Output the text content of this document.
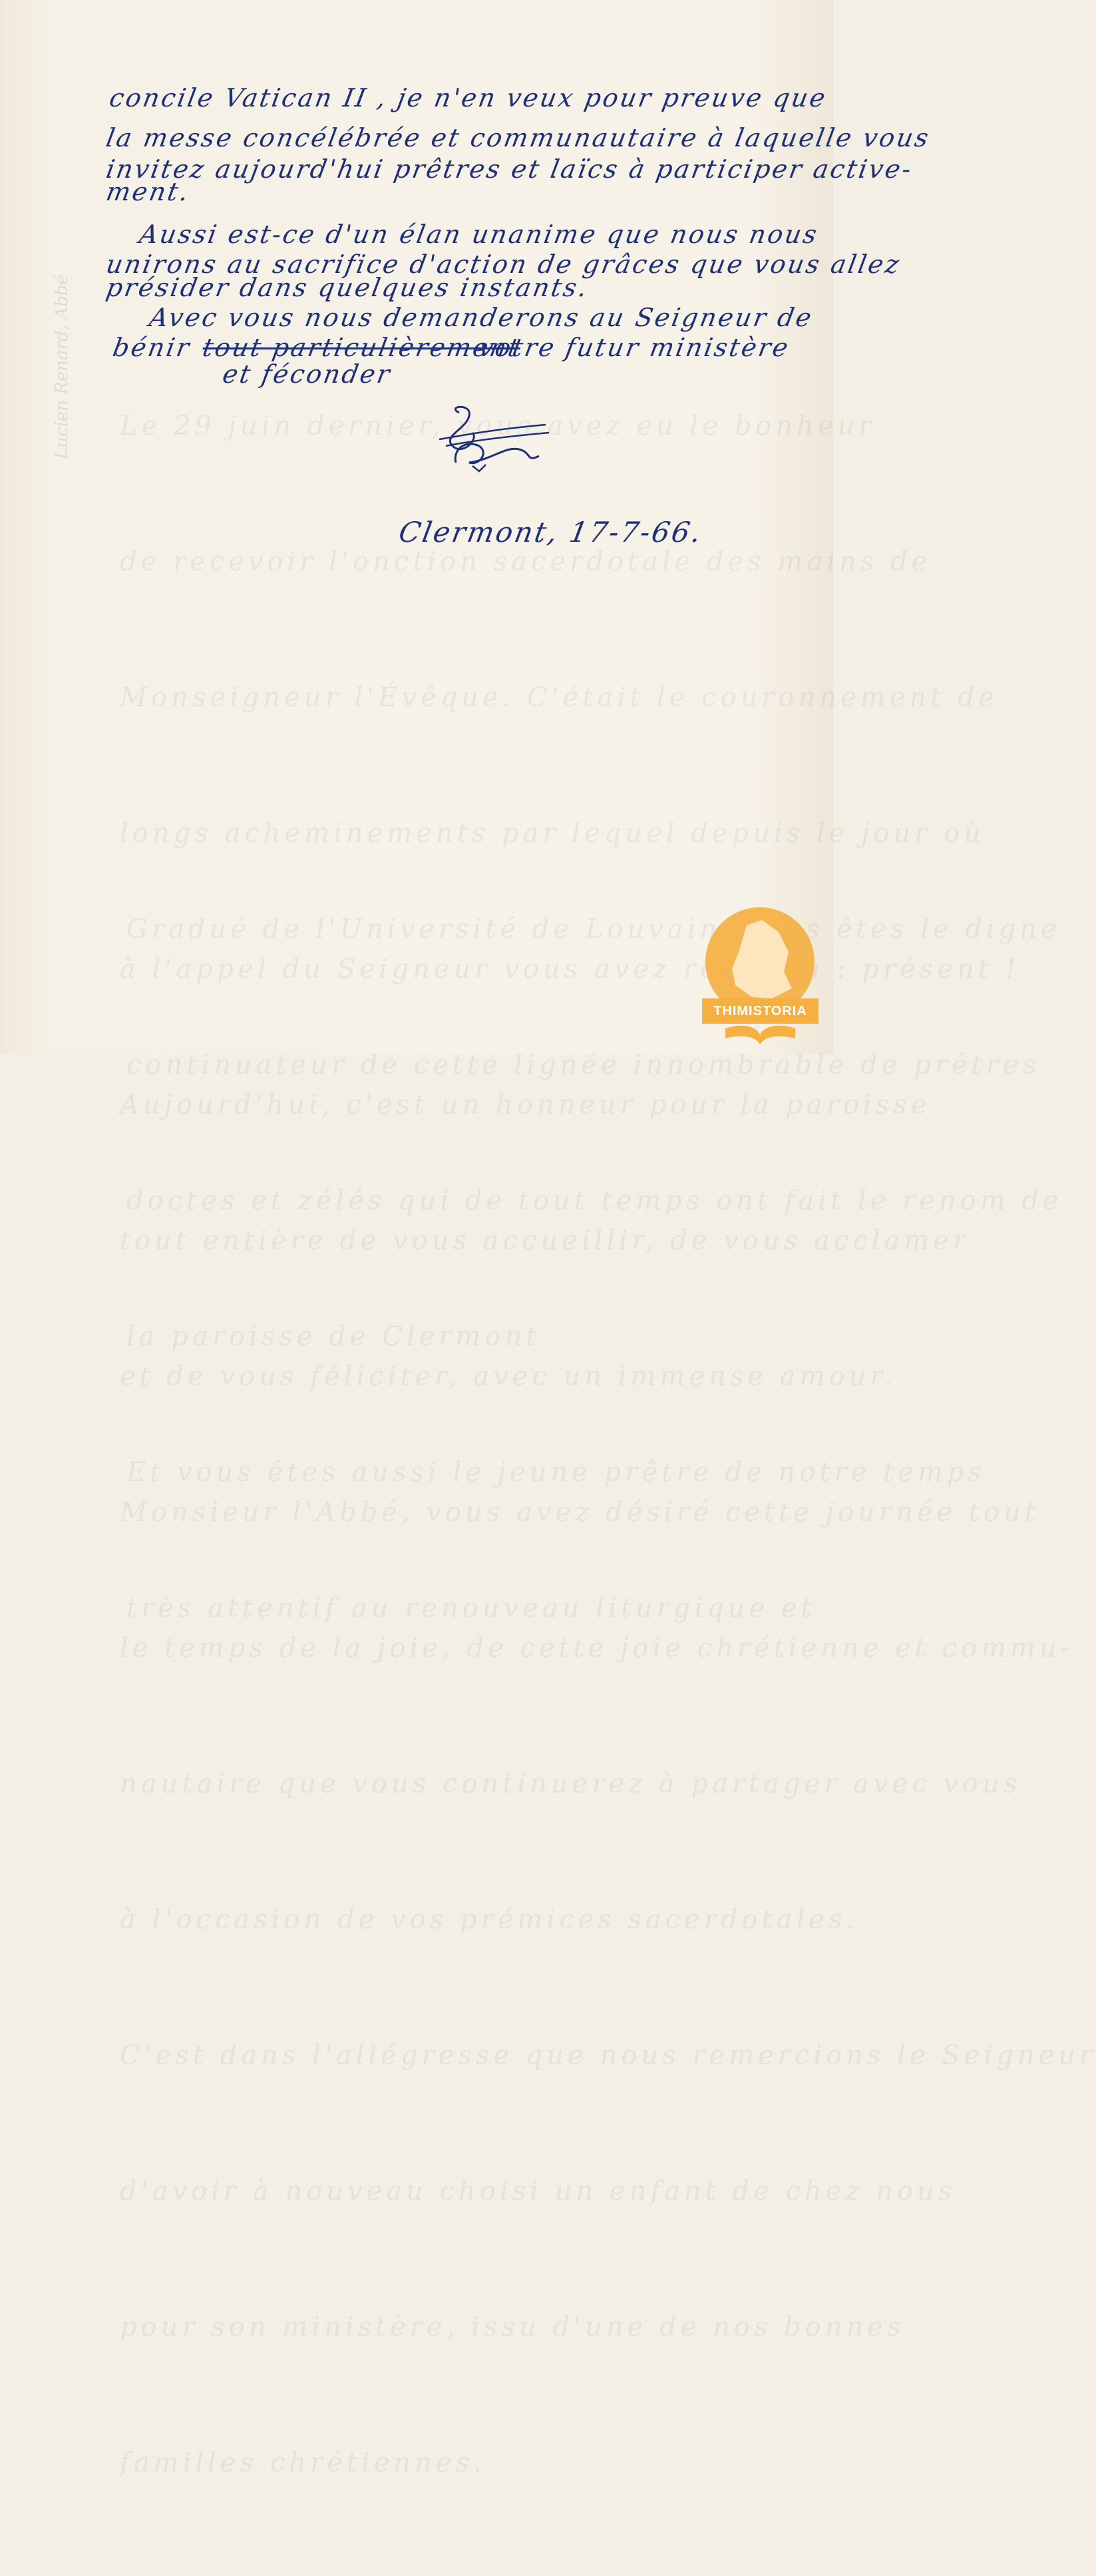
Le 29 juin dernier, vous avez eu le bonheur

de recevoir l'onction sacerdotale des mains de

Monseigneur l'Évêque. C'était le couronnement de

longs acheminements par lequel depuis le jour où

à l'appel du Seigneur vous avez répondu : présent !

Aujourd'hui, c'est un honneur pour la paroisse

tout entière de vous accueillir, de vous acclamer

et de vous féliciter, avec un immense amour.

Monsieur l'Abbé, vous avez désiré cette journée tout

le temps de la joie, de cette joie chrétienne et commu-

nautaire que vous continuerez à partager avec vous

à l'occasion de vos prémices sacerdotales.

C'est dans l'allégresse que nous remercions le Seigneur

d'avoir à nouveau choisi un enfant de chez nous

pour son ministère, issu d'une de nos bonnes

familles chrétiennes.

Gradué de l'Université de Louvain, vous êtes le digne

continuateur de cette lignée innombrable de prêtres

doctes et zélés qui de tout temps ont fait le renom de

la paroisse de Clermont

Et vous êtes aussi le jeune prêtre de notre temps

très attentif au renouveau liturgique et

Lucien Renard, Abbé
concile Vatican II , je n'en veux pour preuve que
la messe concélébrée et communautaire à laquelle vous
invitez aujourd'hui prêtres et laïcs à participer active-
ment.
Aussi est-ce d'un élan unanime que nous nous
unirons au sacrifice d'action de grâces que vous allez
présider dans quelques instants.
Avec vous nous demanderons au Seigneur de
bénir tout particulièrement
votre futur ministère
et féconder
Clermont, 17-7-66.
THIMISTORIA
